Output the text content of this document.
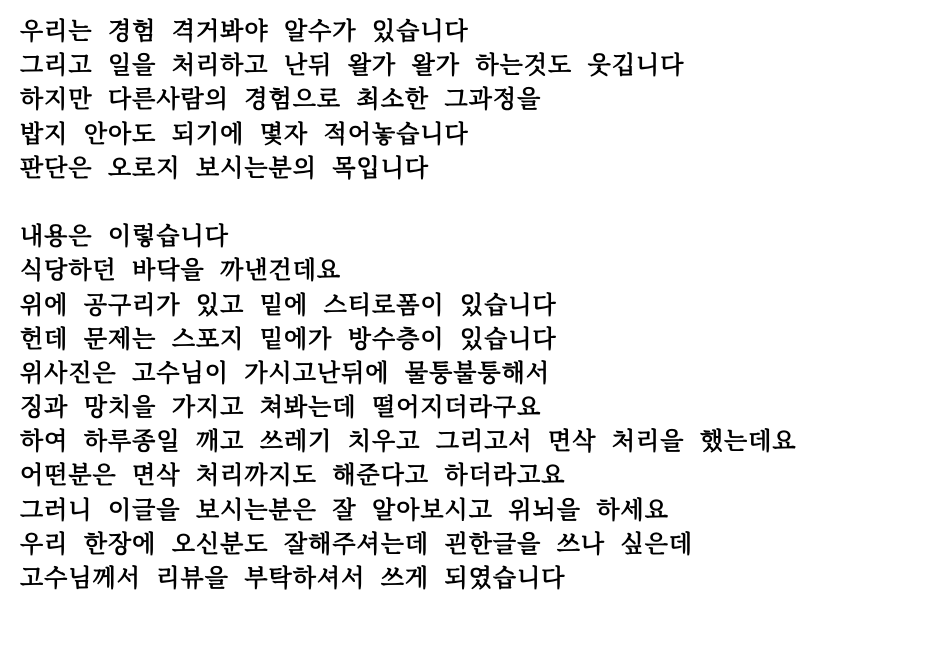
우리는 경험 격거봐야 알수가 있습니다
그리고 일을 처리하고 난뒤 왈가 왈가 하는것도 웃깁니다
하지만 다른사람의 경험으로 최소한 그과정을
밥지 안아도 되기에 몇자 적어놓습니다
판단은 오로지 보시는분의 목입니다
내용은 이렇습니다
식당하던 바닥을 까낸건데요
위에 공구리가 있고 밑에 스티로폼이 있습니다
헌데 문제는 스포지 밑에가 방수층이 있습니다
위사진은 고수님이 가시고난뒤에 물퉁불퉁해서
징과 망치을 가지고 쳐봐는데 떨어지더라구요
하여 하루종일 깨고 쓰레기 치우고 그리고서 면삭 처리을 했는데요
어떤분은 면삭 처리까지도 해준다고 하더라고요
그러니 이글을 보시는분은 잘 알아보시고 위뇌을 하세요
우리 한장에 오신분도 잘해주셔는데 괸한글을 쓰나 싶은데
고수님께서 리뷰을 부탁하셔서 쓰게 되였습니다
